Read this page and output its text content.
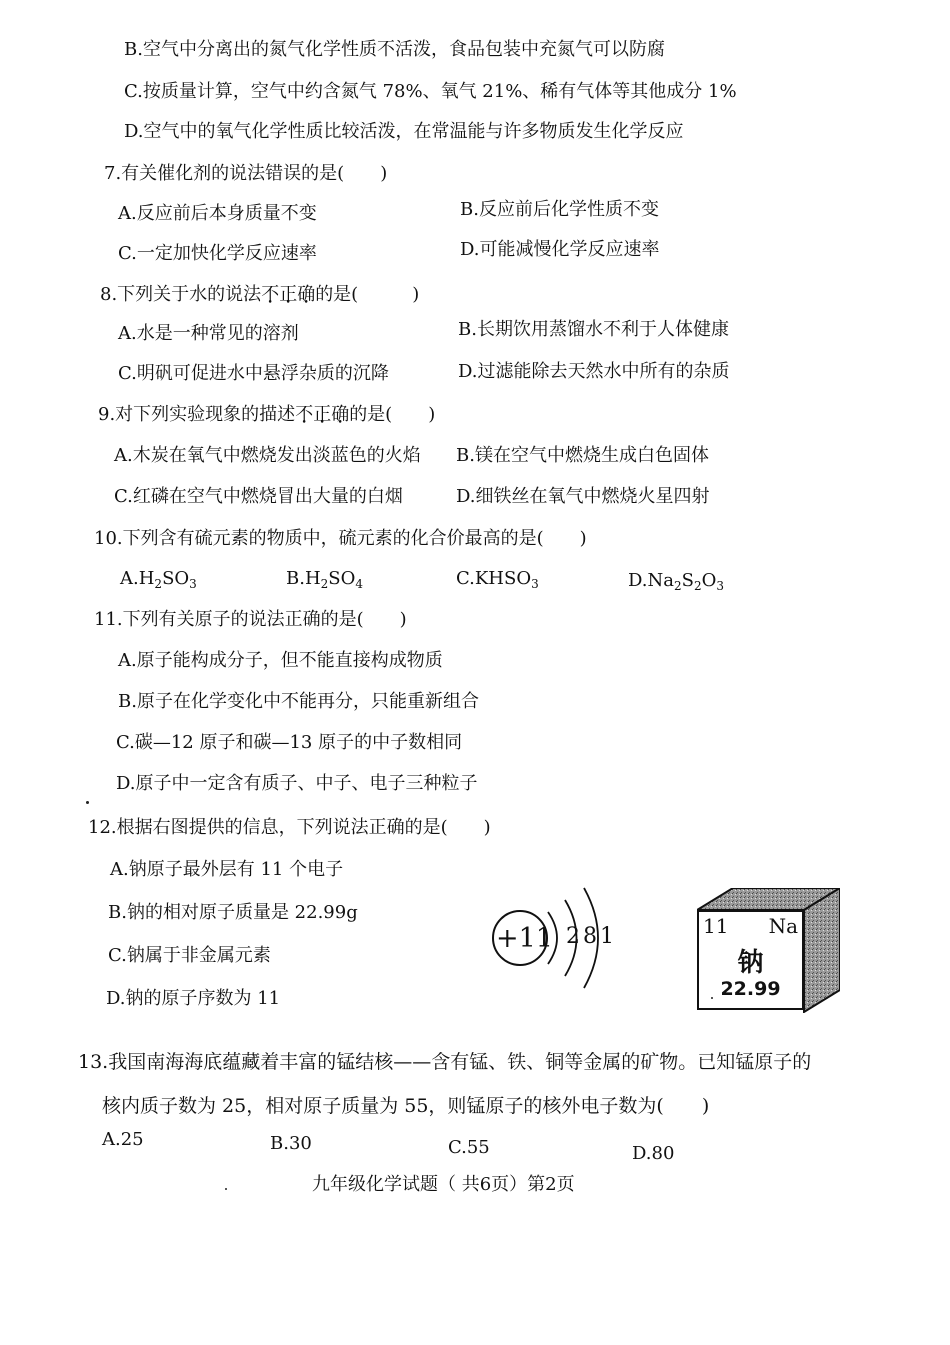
B.空气中分离出的氮气化学性质不活泼，食品包装中充氮气可以防腐
C.按质量计算，空气中约含氮气 78%、氧气 21%、稀有气体等其他成分 1%
D.空气中的氧气化学性质比较活泼，在常温能与许多物质发生化学反应
7.有关催化剂的说法错误的是(　　)
A.反应前后本身质量不变	B.反应前后化学性质不变
C.一定加快化学反应速率	D.可能减慢化学反应速率
8.下列关于水的说法不正确的是(　　　)
A.水是一种常见的溶剂	B.长期饮用蒸馏水不利于人体健康
C.明矾可促进水中悬浮杂质的沉降	D.过滤能除去天然水中所有的杂质
9.对下列实验现象的描述不正确的是(　　)
A.木炭在氧气中燃烧发出淡蓝色的火焰 B.镁在空气中燃烧生成白色固体
C.红磷在空气中燃烧冒出大量的白烟	D.细铁丝在氧气中燃烧火星四射
10.下列含有硫元素的物质中，硫元素的化合价最高的是(　　)
$A.H_2SO_3$	$B.H_2SO_4$	$C.KHSO_3$	$D.Na_2S_2O_3$
11.下列有关原子的说法正确的是(　　)
A.原子能构成分子，但不能直接构成物质
B.原子在化学变化中不能再分，只能重新组合
C.碳—12 原子和碳—13 原子的中子数相同
D.原子中一定含有质子、中子、电子三种粒子
12.根据右图提供的信息，下列说法正确的是(　　)
A.钠原子最外层有 11 个电子
B.钠的相对原子质量是 22.99g
C.钠属于非金属元素
D.钠的原子序数为 11
+11 2 8 1	11 Na
钠
22.99
13.我国南海海底蕴藏着丰富的锰结核——含有锰、铁、铜等金属的矿物。已知锰原子的
核内质子数为 25，相对原子质量为 55，则锰原子的核外电子数为(　　)
A.25	B.30	C.55	D.80
九年级化学试题（ 共6页）第2页
